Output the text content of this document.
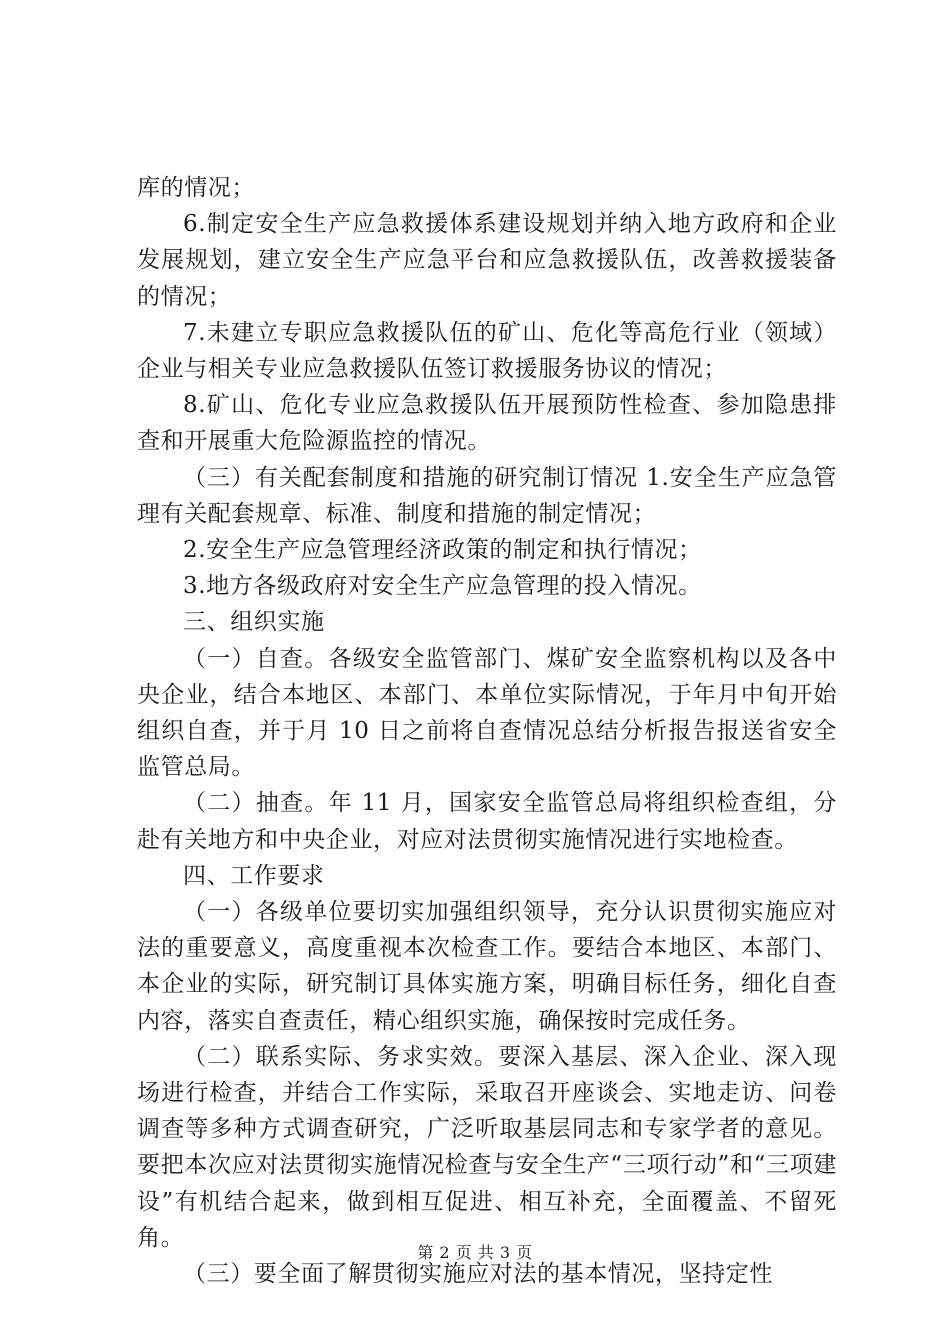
库的情况；

6.制定安全生产应急救援体系建设规划并纳入地方政府和企业发展规划，建立安全生产应急平台和应急救援队伍，改善救援装备的情况；

7.未建立专职应急救援队伍的矿山、危化等高危行业（领域）企业与相关专业应急救援队伍签订救援服务协议的情况；

8.矿山、危化专业应急救援队伍开展预防性检查、参加隐患排查和开展重大危险源监控的情况。

（三）有关配套制度和措施的研究制订情况 1.安全生产应急管理有关配套规章、标准、制度和措施的制定情况；

2.安全生产应急管理经济政策的制定和执行情况；

3.地方各级政府对安全生产应急管理的投入情况。

三、组织实施

（一）自查。各级安全监管部门、煤矿安全监察机构以及各中央企业，结合本地区、本部门、本单位实际情况，于年月中旬开始组织自查，并于月 10 日之前将自查情况总结分析报告报送省安全监管总局。

（二）抽查。年 11 月，国家安全监管总局将组织检查组，分赴有关地方和中央企业，对应对法贯彻实施情况进行实地检查。

四、工作要求

（一）各级单位要切实加强组织领导，充分认识贯彻实施应对法的重要意义，高度重视本次检查工作。要结合本地区、本部门、本企业的实际，研究制订具体实施方案，明确目标任务，细化自查内容，落实自查责任，精心组织实施，确保按时完成任务。

（二）联系实际、务求实效。要深入基层、深入企业、深入现场进行检查，并结合工作实际，采取召开座谈会、实地走访、问卷调查等多种方式调查研究，广泛听取基层同志和专家学者的意见。要把本次应对法贯彻实施情况检查与安全生产“三项行动”和“三项建设”有机结合起来，做到相互促进、相互补充，全面覆盖、不留死角。

（三）要全面了解贯彻实施应对法的基本情况，坚持定性

第 2 页 共 3 页
